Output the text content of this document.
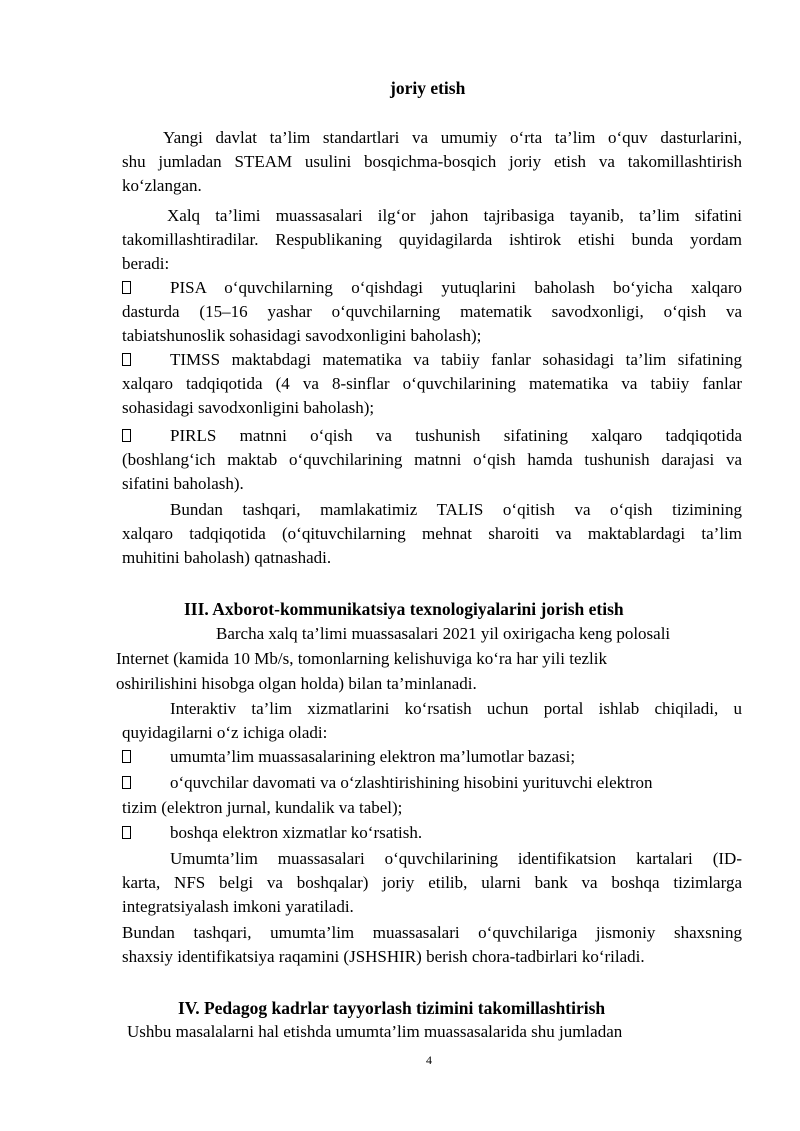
joriy etish

Yangi davlat ta’lim standartlari va umumiy o‘rta ta’lim o‘quv dasturlarini,

shu jumladan STEAM usulini bosqichma-bosqich joriy etish va takomillashtirish

ko‘zlangan.

Xalq ta’limi muassasalari ilg‘or jahon tajribasiga tayanib, ta’lim sifatini

takomillashtiradilar. Respublikaning quyidagilarda ishtirok etishi bunda yordam

beradi:

PISA o‘quvchilarning o‘qishdagi yutuqlarini baholash bo‘yicha xalqaro

dasturda (15–16 yashar o‘quvchilarning matematik savodxonligi, o‘qish va

tabiatshunoslik sohasidagi savodxonligini baholash);

TIMSS maktabdagi matematika va tabiiy fanlar sohasidagi ta’lim sifatining

xalqaro tadqiqotida (4 va 8-sinflar o‘quvchilarining matematika va tabiiy fanlar

sohasidagi savodxonligini baholash);

PIRLS matnni o‘qish va tushunish sifatining xalqaro tadqiqotida

(boshlang‘ich maktab o‘quvchilarining matnni o‘qish hamda tushunish darajasi va

sifatini baholash).

Bundan tashqari, mamlakatimiz TALIS o‘qitish va o‘qish tizimining

xalqaro tadqiqotida (o‘qituvchilarning mehnat sharoiti va maktablardagi ta’lim

muhitini baholash) qatnashadi.

III. Axborot-kommunikatsiya texnologiyalarini jorish etish

Barcha xalq ta’limi muassasalari 2021 yil oxirigacha keng polosali

Internet (kamida 10 Mb/s, tomonlarning kelishuviga ko‘ra har yili tezlik

oshirilishini hisobga olgan holda) bilan ta’minlanadi.

Interaktiv ta’lim xizmatlarini ko‘rsatish uchun portal ishlab chiqiladi, u

quyidagilarni o‘z ichiga oladi:

umumta’lim muassasalarining elektron ma’lumotlar bazasi;

o‘quvchilar davomati va o‘zlashtirishining hisobini yurituvchi elektron

tizim (elektron jurnal, kundalik va tabel);

boshqa elektron xizmatlar ko‘rsatish.

Umumta’lim muassasalari o‘quvchilarining identifikatsion kartalari (ID-

karta, NFS belgi va boshqalar) joriy etilib, ularni bank va boshqa tizimlarga

integratsiyalash imkoni yaratiladi.

Bundan tashqari, umumta’lim muassasalari o‘quvchilariga jismoniy shaxsning

shaxsiy identifikatsiya raqamini (JSHSHIR) berish chora-tadbirlari ko‘riladi.

IV. Pedagog kadrlar tayyorlash tizimini takomillashtirish

Ushbu masalalarni hal etishda umumta’lim muassasalarida shu jumladan

4
